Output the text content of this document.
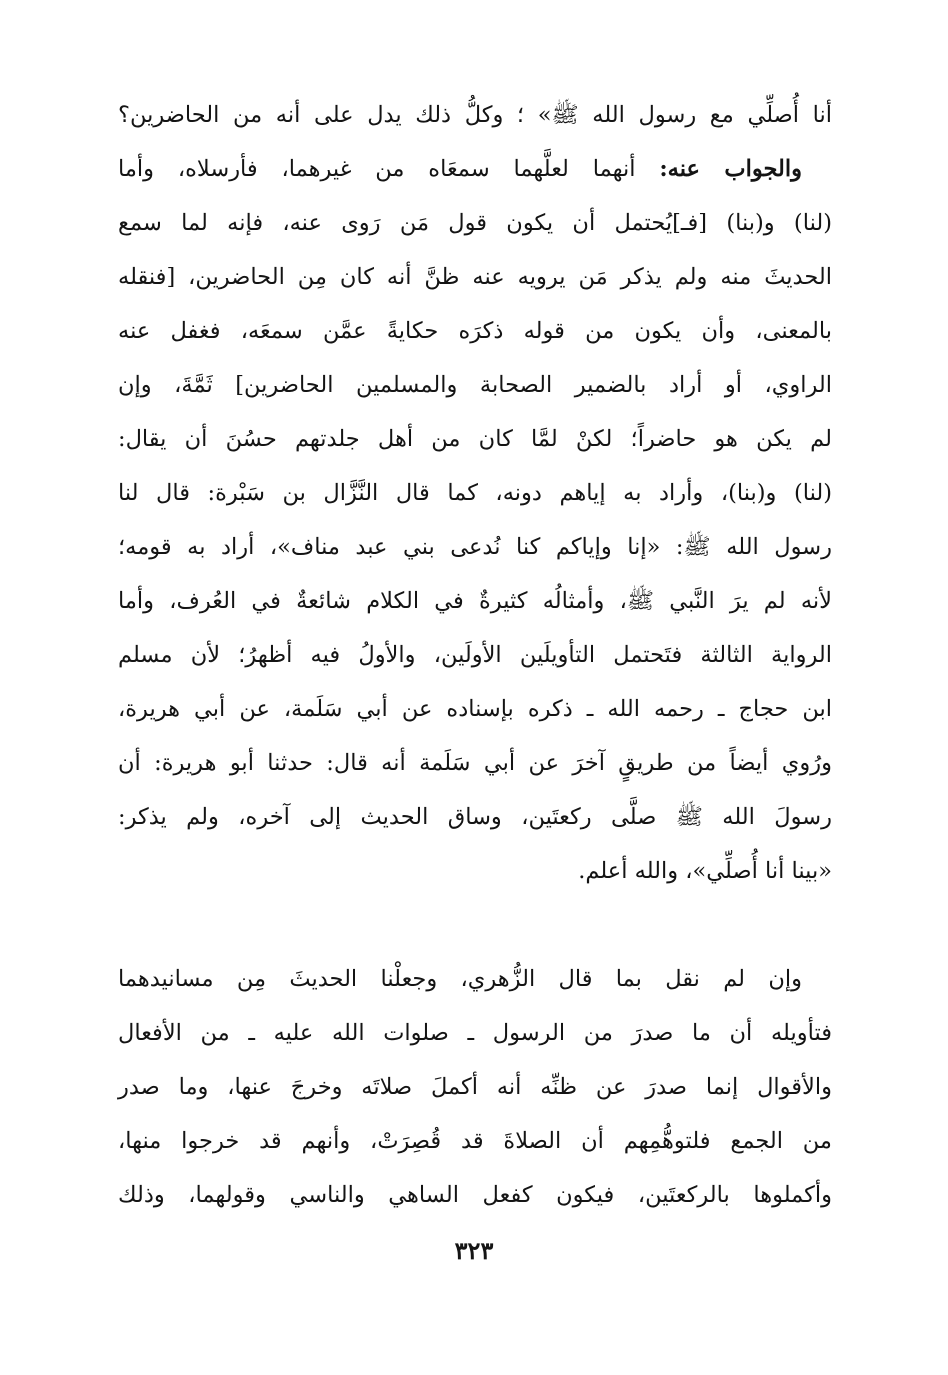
أنا أُصلِّي مع رسول الله ﷺ» ؛ وكلُّ ذلك يدل على أنه من الحاضرين؟
والجواب عنه: أنهما لعلَّهما سمعَاه من غيرهما، فأرسلاه، وأما
(لنا) و(بنا) [فـ]يُحتمل أن يكون قول مَن رَوى عنه، فإنه لما سمع
الحديثَ منه ولم يذكر مَن يرويه عنه ظنَّ أنه كان مِن الحاضرين، [فنقله
بالمعنى، وأن يكون من قوله ذكرَه حكايةً عمَّن سمعَه، فغفل عنه
الراوي، أو أراد بالضمير الصحابة والمسلمين الحاضرين] ثَمَّةَ، وإن
لم يكن هو حاضراً؛ لكنْ لمَّا كان من أهل جلدتهم حسُنَ أن يقال:
(لنا) و(بنا)، وأراد به إياهم دونه، كما قال النَّزَّال بن سَبْرة: قال لنا
رسول الله ﷺ: «إنا وإياكم كنا نُدعى بني عبد مناف»، أراد به قومه؛
لأنه لم يرَ النَّبي ﷺ، وأمثالُه كثيرةٌ في الكلام شائعةٌ في العُرف، وأما
الرواية الثالثة فتَحتمل التأويلَين الأولَين، والأولُ فيه أظهرُ؛ لأن مسلم
ابن حجاج ـ رحمه الله ـ ذكره بإسناده عن أبي سَلَمة، عن أبي هريرة،
ورُوي أيضاً من طريقٍ آخرَ عن أبي سَلَمة أنه قال: حدثنا أبو هريرة: أن
رسولَ الله ﷺ صلَّى ركعتَين، وساق الحديث إلى آخره، ولم يذكر:
«بينا أنا أُصلِّي»، والله أعلم.
وإن لم نقل بما قال الزُّهري، وجعلْنا الحديثَ مِن مسانيدهما
فتأويله أن ما صدرَ من الرسول ـ صلوات الله عليه ـ من الأفعال
والأقوال إنما صدرَ عن ظنِّه أنه أكملَ صلاتَه وخرجَ عنها، وما صدر
من الجمع فلتوهُّمِهم أن الصلاةَ قد قُصِرَتْ، وأنهم قد خرجوا منها،
وأكملوها بالركعتَين، فيكون كفعل الساهي والناسي وقولهما، وذلك
٣٢٣
